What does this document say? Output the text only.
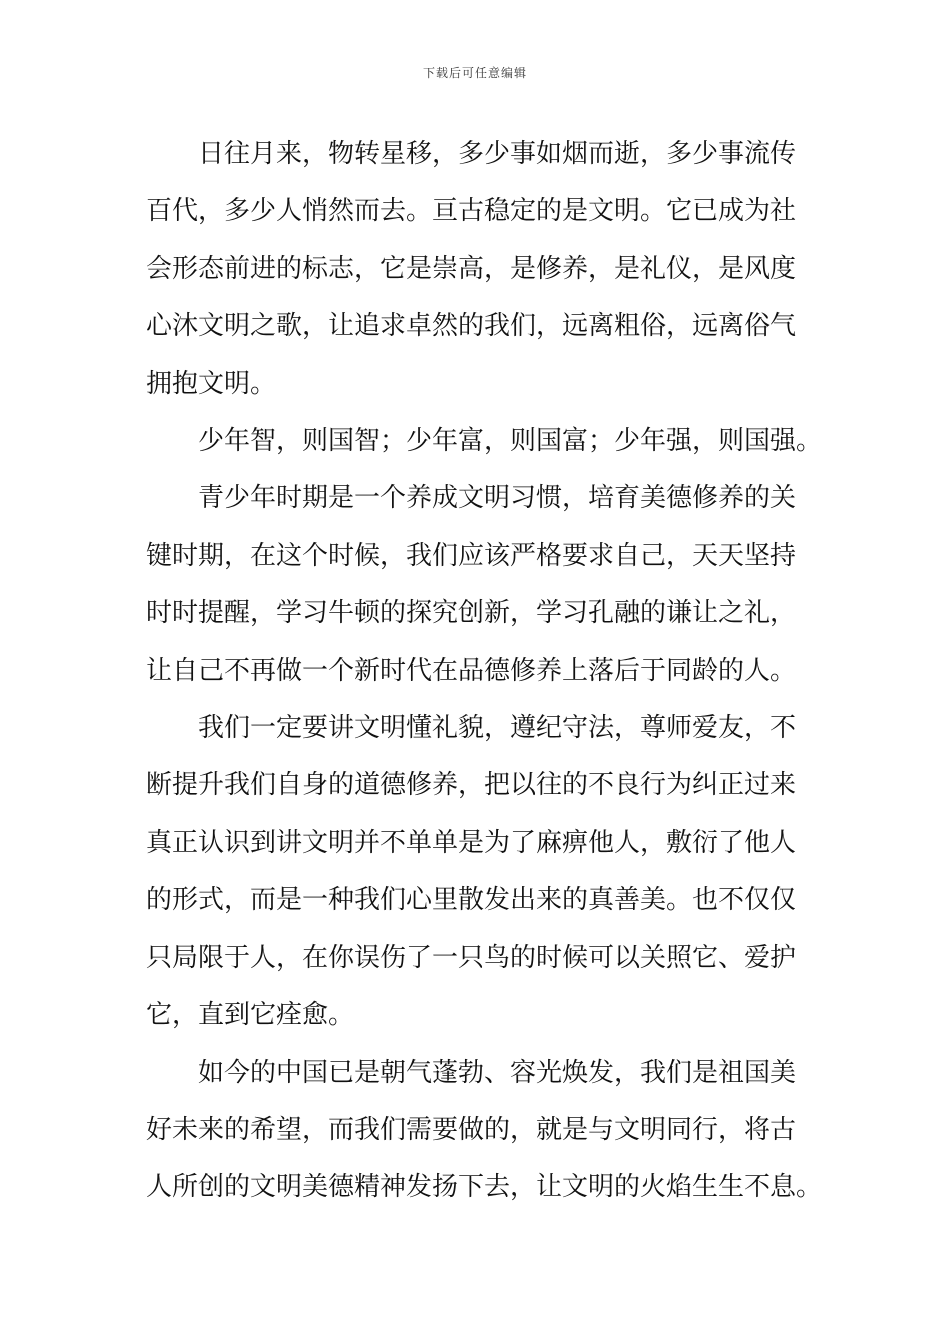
下载后可任意编辑
日往月来，物转星移，多少事如烟而逝，多少事流传
百代，多少人悄然而去。亘古稳定的是文明。它已成为社
会形态前进的标志，它是崇高，是修养，是礼仪，是风度
心沐文明之歌，让追求卓然的我们，远离粗俗，远离俗气
拥抱文明。
少年智，则国智；少年富，则国富；少年强，则国强。
青少年时期是一个养成文明习惯，培育美德修养的关
键时期，在这个时候，我们应该严格要求自己，天天坚持
时时提醒，学习牛顿的探究创新，学习孔融的谦让之礼，
让自己不再做一个新时代在品德修养上落后于同龄的人。
我们一定要讲文明懂礼貌，遵纪守法，尊师爱友，不
断提升我们自身的道德修养，把以往的不良行为纠正过来
真正认识到讲文明并不单单是为了麻痹他人，敷衍了他人
的形式，而是一种我们心里散发出来的真善美。也不仅仅
只局限于人，在你误伤了一只鸟的时候可以关照它、爱护
它，直到它痊愈。
如今的中国已是朝气蓬勃、容光焕发，我们是祖国美
好未来的希望，而我们需要做的，就是与文明同行，将古
人所创的文明美德精神发扬下去，让文明的火焰生生不息。
